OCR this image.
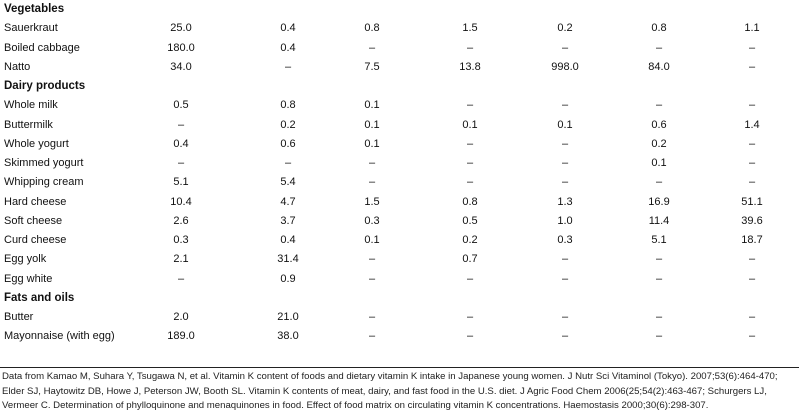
Vegetables
Sauerkraut	25.0	0.4	0.8	1.5	0.2	0.8	1.1
Boiled cabbage	180.0	0.4	–	–	–	–	–
Natto	34.0	–	7.5	13.8	998.0	84.0	–
Dairy products
Whole milk	0.5	0.8	0.1	–	–	–	–
Buttermilk	–	0.2	0.1	0.1	0.1	0.6	1.4
Whole yogurt	0.4	0.6	0.1	–	–	0.2	–
Skimmed yogurt	–	–	–	–	–	0.1	–
Whipping cream	5.1	5.4	–	–	–	–	–
Hard cheese	10.4	4.7	1.5	0.8	1.3	16.9	51.1
Soft cheese	2.6	3.7	0.3	0.5	1.0	11.4	39.6
Curd cheese	0.3	0.4	0.1	0.2	0.3	5.1	18.7
Egg yolk	2.1	31.4	–	0.7	–	–	–
Egg white	–	0.9	–	–	–	–	–
Fats and oils
Butter	2.0	21.0	–	–	–	–	–
Mayonnaise (with egg)	189.0	38.0	–	–	–	–	–
Data from Kamao M, Suhara Y, Tsugawa N, et al. Vitamin K content of foods and dietary vitamin K intake in Japanese young women. J Nutr Sci Vitaminol (Tokyo). 2007;53(6):464-470; Elder SJ, Haytowitz DB, Howe J, Peterson JW, Booth SL. Vitamin K contents of meat, dairy, and fast food in the U.S. diet. J Agric Food Chem 2006(25;54(2):463-467; Schurgers LJ, Vermeer C. Determination of phylloquinone and menaquinones in food. Effect of food matrix on circulating vitamin K concentrations. Haemostasis 2000;30(6):298-307.
